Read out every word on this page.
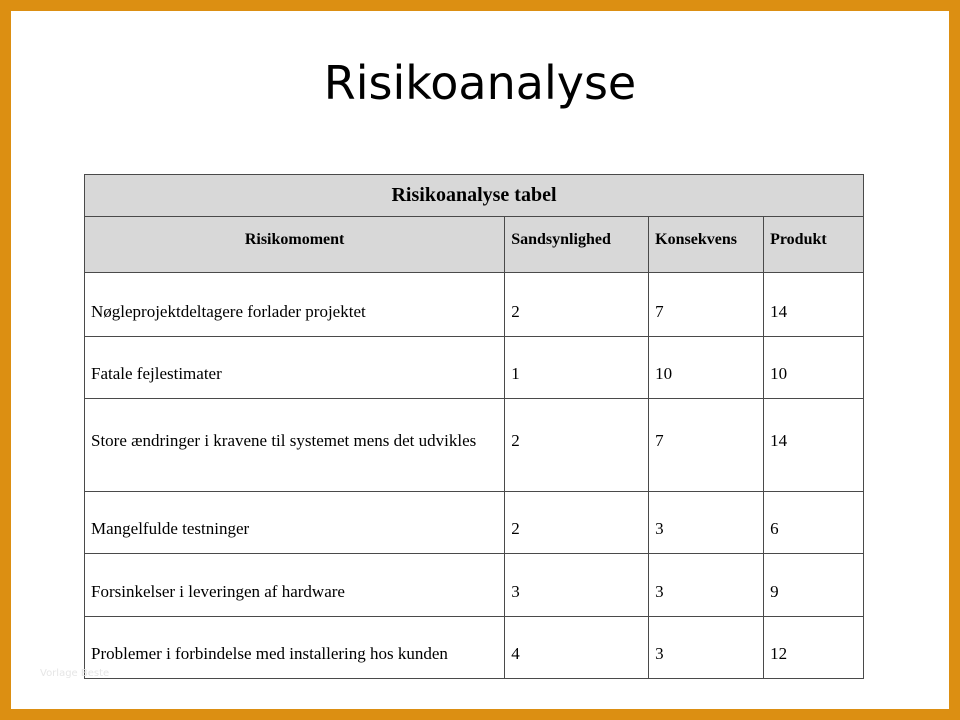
Risikoanalyse
Risikoanalyse tabel			
Risikomoment	Sandsynlighed	Konsekvens	Produkt
Nøgleprojektdeltagere forlader projektet	2	7	14
Fatale fejlestimater	1	10	10
Store ændringer i kravene til systemet mens det udvikles	2	7	14
Mangelfulde testninger	2	3	6
Forsinkelser i leveringen af hardware	3	3	9
Problemer i forbindelse med installering hos kunden	4	3	12
Vorlage Beste
